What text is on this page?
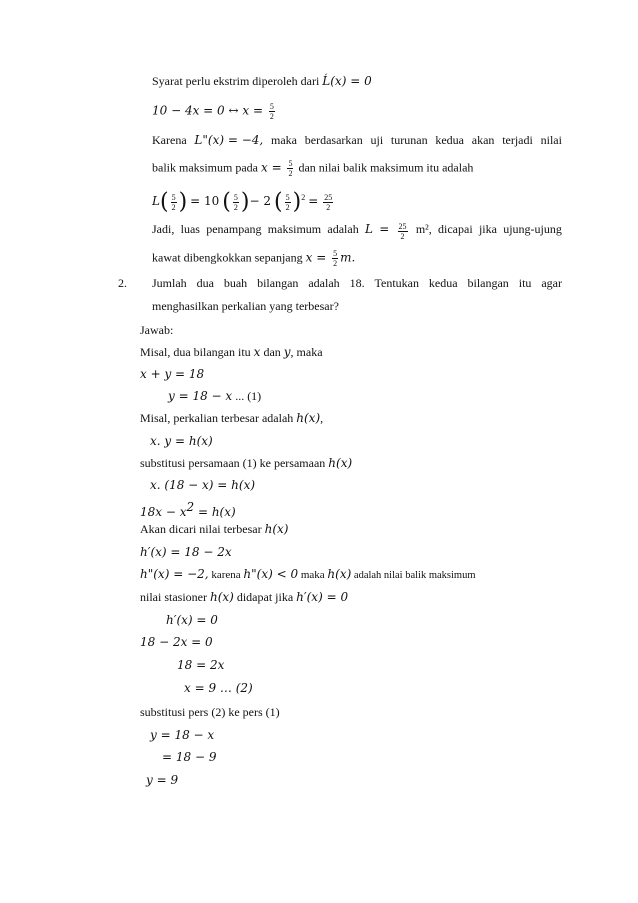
Syarat perlu ekstrim diperoleh dari Ĺ(x) = 0
10 − 4x = 0 ↔ $x = \frac{5}{2}$
Karena L"(x) = −4, maka berdasarkan uji turunan kedua akan terjadi nilai
balik maksimum pada $x = \frac{5}{2}$ dan nilai balik maksimum itu adalah
$L( \frac{5}{2}$ ) = 10 ( $\frac{5}{2}$ )− 2 ( $\frac{5}{2} )^2 = \frac{25}{2}$
Jadi, luas penampang maksimum adalah $L = \frac{25}{2} m^2$, dicapai jika ujung-ujung
kawat dibengkokkan sepanjang $x = \frac{5}{2} m$.
2. Jumlah dua buah bilangan adalah 18. Tentukan kedua bilangan itu agar
menghasilkan perkalian yang terbesar?
Jawab:
Misal, dua bilangan itu x dan y, maka
x + y = 18
y = 18 − x ... (1)
Misal, perkalian terbesar adalah h(x),
x. y = h(x)
substitusi persamaan (1) ke persamaan h(x)
x. (18 − x) = h(x)
$18x - x^2 = h(x)$
Akan dicari nilai terbesar h(x)
h′(x) = 18 − 2x
h"(x) = −2, karena h"(x) < 0 maka h(x) adalah nilai balik maksimum
nilai stasioner h(x) didapat jika h′(x) = 0
h′(x) = 0
18 − 2x = 0
18 = 2x
x = 9 … (2)
substitusi pers (2) ke pers (1)
y = 18 − x
= 18 − 9
y = 9
